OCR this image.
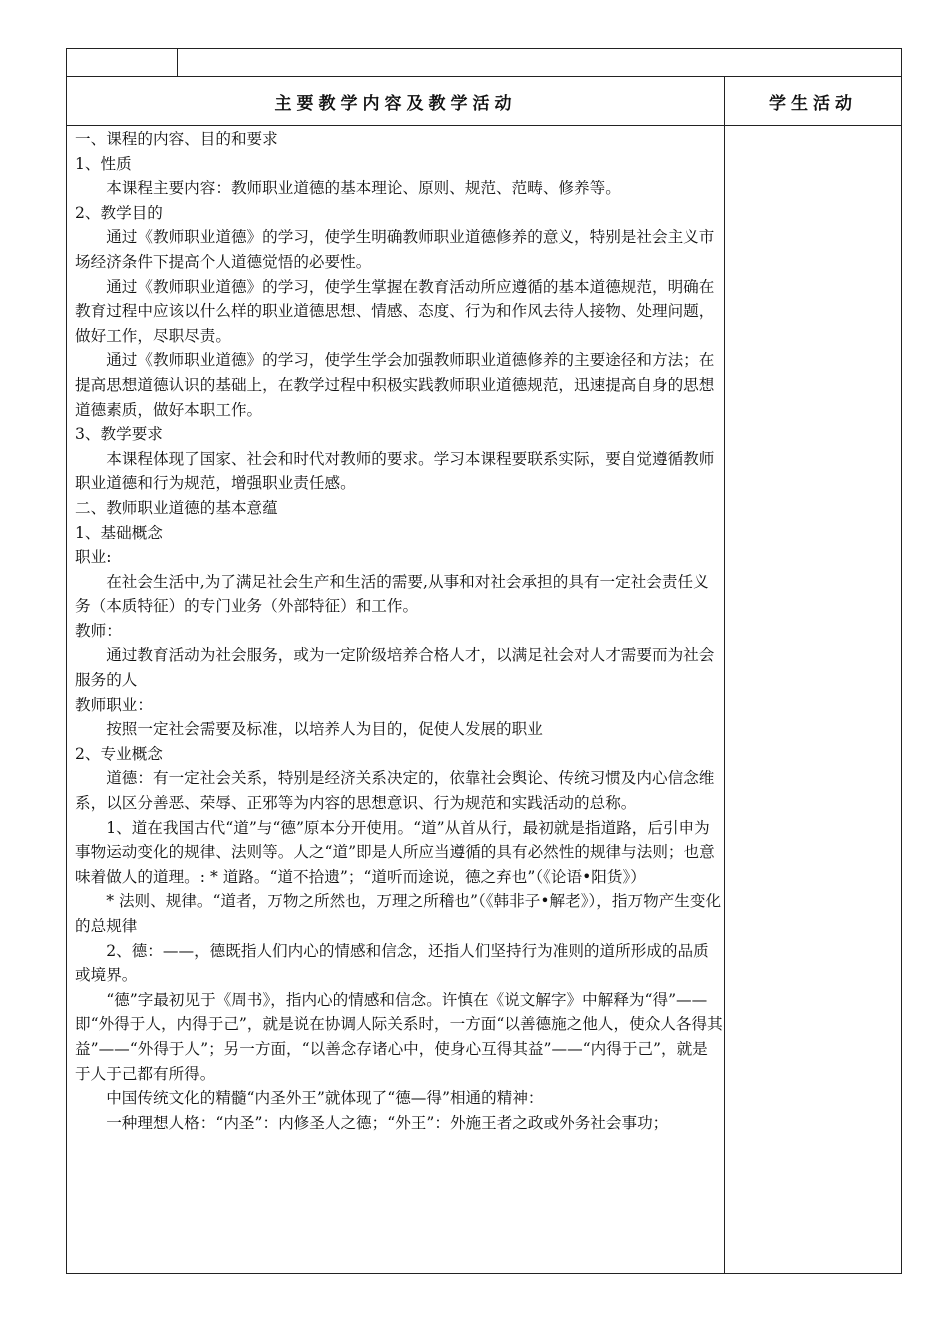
主要教学内容及教学活动	学生活动

一、课程的内容、目的和要求

1、性质

本课程主要内容：教师职业道德的基本理论、原则、规范、范畴、修养等。

2、教学目的

通过《教师职业道德》的学习，使学生明确教师职业道德修养的意义，特别是社会主义市场经济条件下提高个人道德觉悟的必要性。

通过《教师职业道德》的学习，使学生掌握在教育活动所应遵循的基本道德规范，明确在教育过程中应该以什么样的职业道德思想、情感、态度、行为和作风去待人接物、处理问题，做好工作，尽职尽责。

通过《教师职业道德》的学习，使学生学会加强教师职业道德修养的主要途径和方法；在提高思想道德认识的基础上，在教学过程中积极实践教师职业道德规范，迅速提高自身的思想道德素质，做好本职工作。

3、教学要求

本课程体现了国家、社会和时代对教师的要求。学习本课程要联系实际，要自觉遵循教师职业道德和行为规范，增强职业责任感。

二、教师职业道德的基本意蕴

1、基础概念

职业:

在社会生活中,为了满足社会生产和生活的需要,从事和对社会承担的具有一定社会责任义务（本质特征）的专门业务（外部特征）和工作。

教师：

通过教育活动为社会服务，或为一定阶级培养合格人才，以满足社会对人才需要而为社会服务的人

教师职业：

按照一定社会需要及标准，以培养人为目的，促使人发展的职业

2、专业概念

道德：有一定社会关系，特别是经济关系决定的，依靠社会舆论、传统习惯及内心信念维系，以区分善恶、荣辱、正邪等为内容的思想意识、行为规范和实践活动的总称。

1、道在我国古代“道”与“德”原本分开使用。“道”从首从行，最初就是指道路，后引申为事物运动变化的规律、法则等。人之“道”即是人所应当遵循的具有必然性的规律与法则；也意味着做人的道理。: * 道路。“道不拾遗”；“道听而途说，德之弃也”（《论语•阳货》）

* 法则、规律。“道者，万物之所然也，万理之所稽也”（《韩非子•解老》），指万物产生变化的总规律

2、德：——，德既指人们内心的情感和信念，还指人们坚持行为准则的道所形成的品质或境界。

“德”字最初见于《周书》，指内心的情感和信念。许慎在《说文解字》中解释为“得”——即“外得于人，内得于己”，就是说在协调人际关系时，一方面“以善德施之他人，使众人各得其益”——“外得于人”；另一方面，“以善念存诸心中，使身心互得其益”——“内得于己”，就是于人于己都有所得。

中国传统文化的精髓“内圣外王”就体现了“德—得”相通的精神：

一种理想人格：“内圣”：内修圣人之德；“外王”：外施王者之政或外务社会事功；
